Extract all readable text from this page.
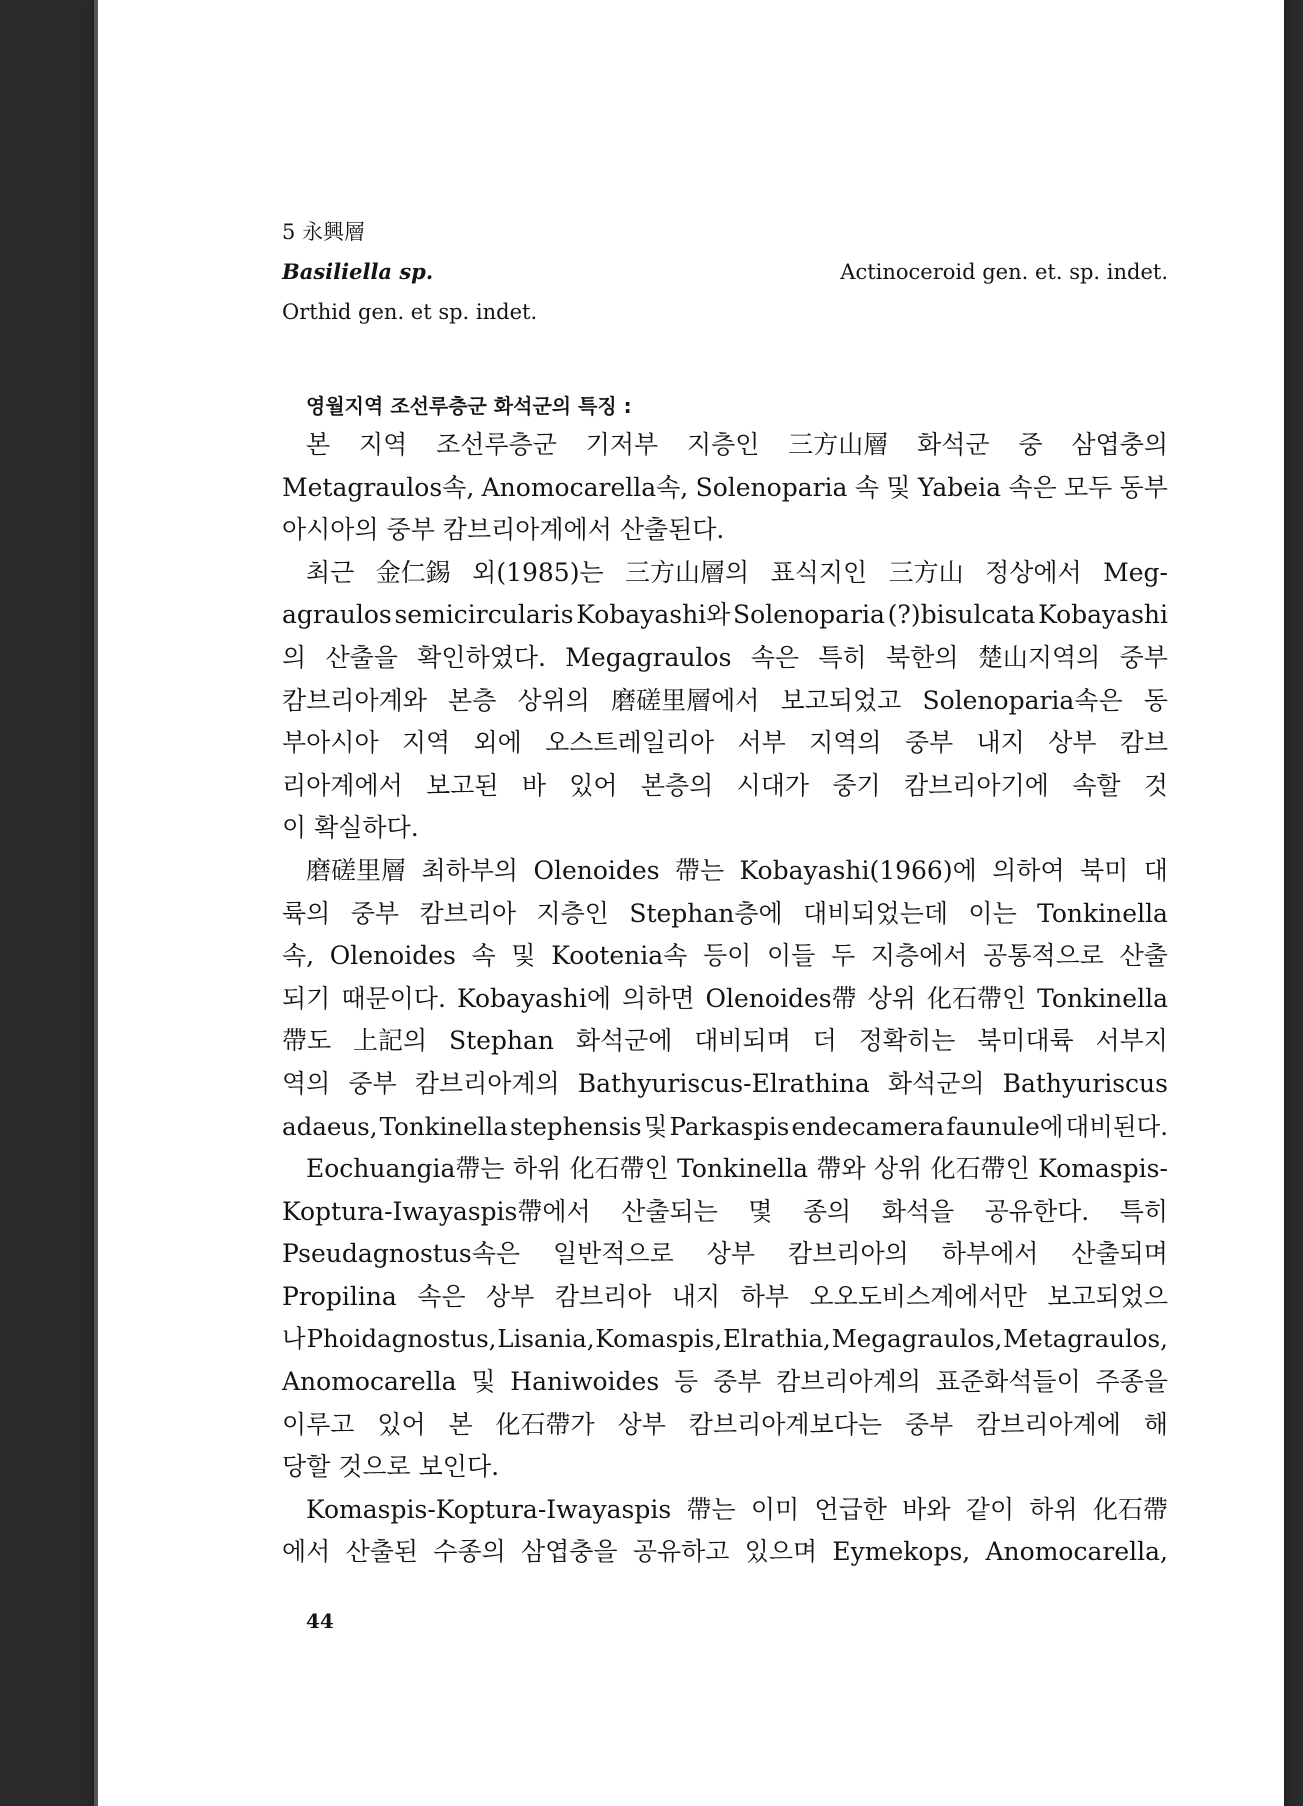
5 永興層
Basiliella sp.	Actinoceroid gen. et. sp. indet.
Orthid gen. et sp. indet.
영월지역 조선루층군 화석군의 특징 :
본 지역 조선루층군 기저부 지층인 三方山層 화석군 중 삼엽충의
Metagraulos속, Anomocarella속, Solenoparia 속 및 Yabeia 속은 모두 동부
아시아의 중부 캄브리아계에서 산출된다.
최근 金仁錫 외(1985)는 三方山層의 표식지인 三方山 정상에서 Meg-
agraulos semicircularis Kobayashi와 Solenoparia (?)bisulcata Kobayashi
의 산출을 확인하였다. Megagraulos 속은 특히 북한의 楚山지역의 중부
캄브리아계와 본층 상위의 磨磋里層에서 보고되었고 Solenoparia속은 동
부아시아 지역 외에 오스트레일리아 서부 지역의 중부 내지 상부 캄브
리아계에서 보고된 바 있어 본층의 시대가 중기 캄브리아기에 속할 것
이 확실하다.
磨磋里層 최하부의 Olenoides 帶는 Kobayashi(1966)에 의하여 북미 대
륙의 중부 캄브리아 지층인 Stephan층에 대비되었는데 이는 Tonkinella
속, Olenoides 속 및 Kootenia속 등이 이들 두 지층에서 공통적으로 산출
되기 때문이다. Kobayashi에 의하면 Olenoides帶 상위 化石帶인 Tonkinella
帶도 上記의 Stephan 화석군에 대비되며 더 정확히는 북미대륙 서부지
역의 중부 캄브리아계의 Bathyuriscus-Elrathina 화석군의 Bathyuriscus
adaeus, Tonkinella stephensis 및 Parkaspis endecamera faunule에 대비된다.
Eochuangia帶는 하위 化石帶인 Tonkinella 帶와 상위 化石帶인 Komaspis-
Koptura-Iwayaspis帶에서 산출되는 몇 종의 화석을 공유한다. 특히
Pseudagnostus속은 일반적으로 상부 캄브리아의 하부에서 산출되며
Propilina 속은 상부 캄브리아 내지 하부 오오도비스계에서만 보고되었으
나 Phoidagnostus, Lisania, Komaspis, Elrathia, Megagraulos, Metagraulos,
Anomocarella 및 Haniwoides 등 중부 캄브리아계의 표준화석들이 주종을
이루고 있어 본 化石帶가 상부 캄브리아계보다는 중부 캄브리아계에 해
당할 것으로 보인다.
Komaspis-Koptura-Iwayaspis 帶는 이미 언급한 바와 같이 하위 化石帶
에서 산출된 수종의 삼엽충을 공유하고 있으며 Eymekops, Anomocarella,
44
